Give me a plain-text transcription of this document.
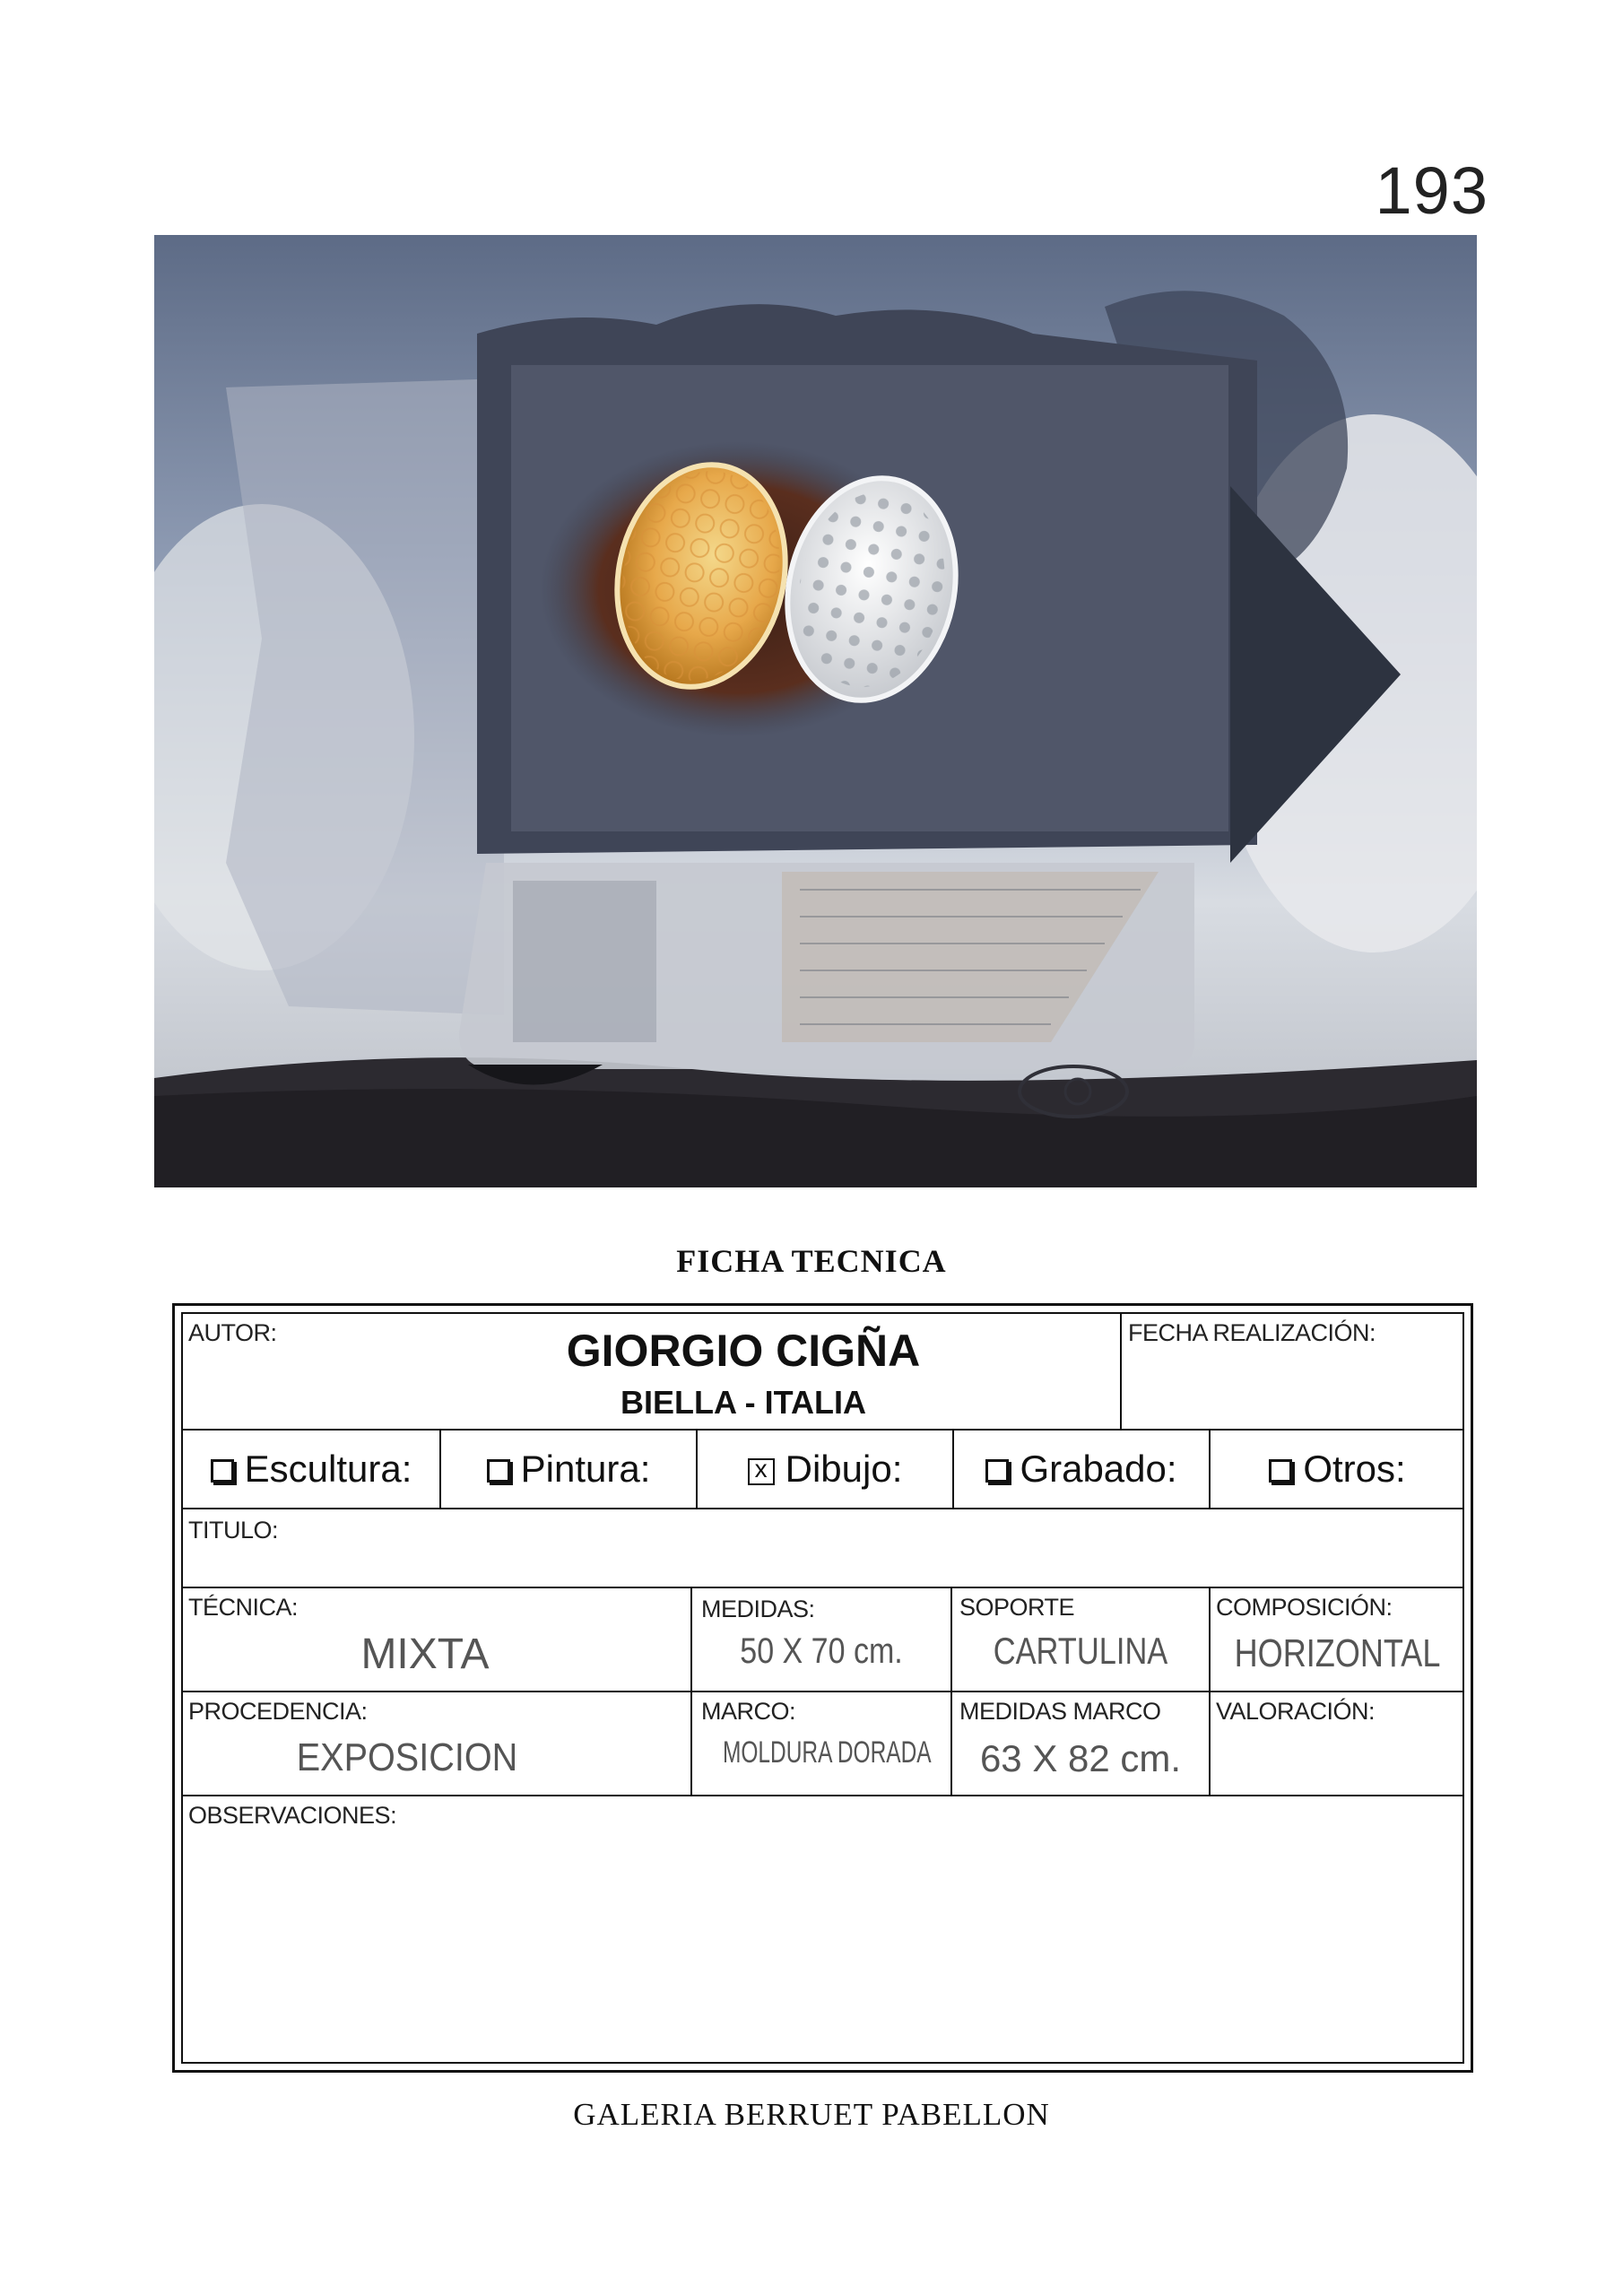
193
FICHA TECNICA
AUTOR:	GIORGIO CIGÑA
BIELLA - ITALIA
FECHA REALIZACIÓN:
Escultura:	Pintura:
x	Dibujo:	Grabado:	Otros:
TITULO:
TÉCNICA:
MIXTA
MEDIDAS:
50 X 70 cm.
SOPORTE
CARTULINA
COMPOSICIÓN:
HORIZONTAL
PROCEDENCIA:
EXPOSICION
MARCO:
MOLDURA DORADA
MEDIDAS MARCO
63 X 82 cm.
VALORACIÓN:
OBSERVACIONES:
GALERIA BERRUET PABELLON
